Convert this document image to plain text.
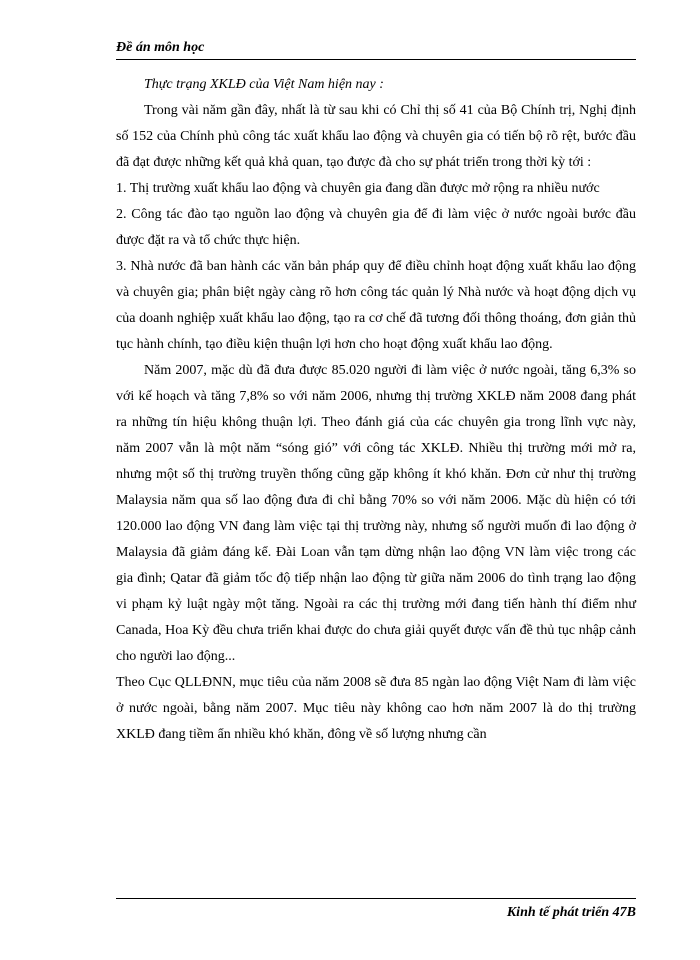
Đề án môn học

Thực trạng XKLĐ của Việt Nam hiện nay :

Trong vài năm gần đây, nhất là từ sau khi có Chỉ thị số 41 của Bộ Chính trị, Nghị định số 152 của Chính phủ công tác xuất khẩu lao động và chuyên gia có tiến bộ rõ rệt, bước đầu đã đạt được những kết quả khả quan, tạo được đà cho sự phát triển trong thời kỳ tới :

1. Thị trường xuất khẩu lao động và chuyên gia đang dần được mở rộng ra nhiều nước

2. Công tác đào tạo nguồn lao động và chuyên gia để đi làm việc ở nước ngoài bước đầu được đặt ra và tổ chức thực hiện.

3. Nhà nước đã ban hành các văn bản pháp quy để điều chỉnh hoạt động xuất khẩu lao động và chuyên gia; phân biệt ngày càng rõ hơn công tác quản lý Nhà nước và hoạt động dịch vụ của doanh nghiệp xuất khẩu lao động, tạo ra cơ chế đã tương đối thông thoáng, đơn giản thủ tục hành chính, tạo điều kiện thuận lợi hơn cho hoạt động xuất khẩu lao động.

Năm 2007, mặc dù đã đưa được 85.020 người đi làm việc ở nước ngoài, tăng 6,3% so với kế hoạch và tăng 7,8% so với năm 2006, nhưng thị trường XKLĐ năm 2008 đang phát ra những tín hiệu không thuận lợi. Theo đánh giá của các chuyên gia trong lĩnh vực này, năm 2007 vẫn là một năm “sóng gió” với công tác XKLĐ. Nhiều thị trường mới mở ra, nhưng một số thị trường truyền thống cũng gặp không ít khó khăn. Đơn cử như thị trường Malaysia năm qua số lao động đưa đi chỉ bằng 70% so với năm 2006. Mặc dù hiện có tới 120.000 lao động VN đang làm việc tại thị trường này, nhưng số người muốn đi lao động ở Malaysia đã giảm đáng kể. Đài Loan vẫn tạm dừng nhận lao động VN làm việc trong các gia đình; Qatar đã giảm tốc độ tiếp nhận lao động từ giữa năm 2006 do tình trạng lao động vi phạm kỷ luật ngày một tăng. Ngoài ra các thị trường mới đang tiến hành thí điểm như Canada, Hoa Kỳ đều chưa triển khai được do chưa giải quyết được vấn đề thủ tục nhập cảnh cho người lao động...

Theo Cục QLLĐNN, mục tiêu của năm 2008 sẽ đưa 85 ngàn lao động Việt Nam đi làm việc ở nước ngoài, bằng năm 2007. Mục tiêu này không cao hơn năm 2007 là do thị trường XKLĐ đang tiềm ẩn nhiều khó khăn, đông về số lượng nhưng cần

Kinh tế phát triển 47B
